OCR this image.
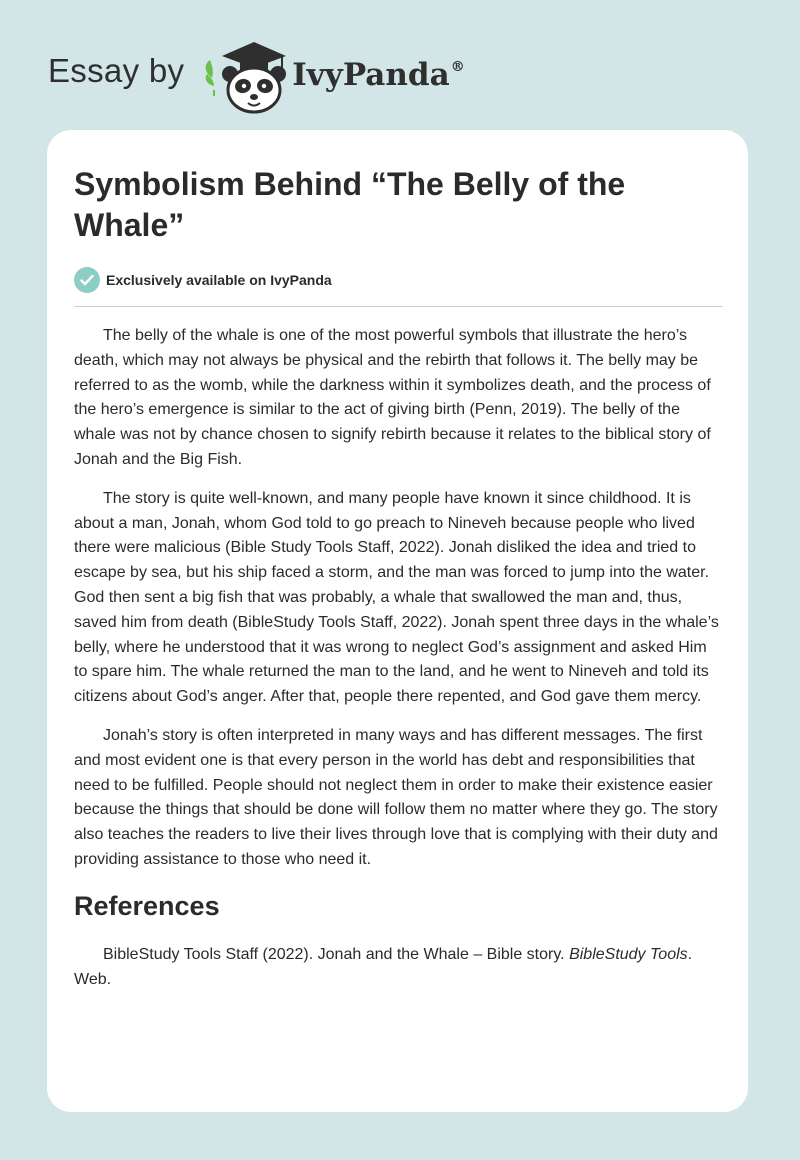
Essay by	IvyPanda®
Symbolism Behind “The Belly of the Whale”
Exclusively available on IvyPanda

The belly of the whale is one of the most powerful symbols that illustrate the hero’s death, which may not always be physical and the rebirth that follows it. The belly may be referred to as the womb, while the darkness within it symbolizes death, and the process of the hero’s emergence is similar to the act of giving birth (Penn, 2019). The belly of the whale was not by chance chosen to signify rebirth because it relates to the biblical story of Jonah and the Big Fish.

The story is quite well-known, and many people have known it since childhood. It is about a man, Jonah, whom God told to go preach to Nineveh because people who lived there were malicious (Bible Study Tools Staff, 2022). Jonah disliked the idea and tried to escape by sea, but his ship faced a storm, and the man was forced to jump into the water. God then sent a big fish that was probably, a whale that swallowed the man and, thus, saved him from death (BibleStudy Tools Staff, 2022). Jonah spent three days in the whale’s belly, where he understood that it was wrong to neglect God’s assignment and asked Him to spare him. The whale returned the man to the land, and he went to Nineveh and told its citizens about God’s anger. After that, people there repented, and God gave them mercy.

Jonah’s story is often interpreted in many ways and has different messages. The first and most evident one is that every person in the world has debt and responsibilities that need to be fulfilled. People should not neglect them in order to make their existence easier because the things that should be done will follow them no matter where they go. The story also teaches the readers to live their lives through love that is complying with their duty and providing assistance to those who need it.

References
BibleStudy Tools Staff (2022). Jonah and the Whale – Bible story. BibleStudy Tools. Web.
